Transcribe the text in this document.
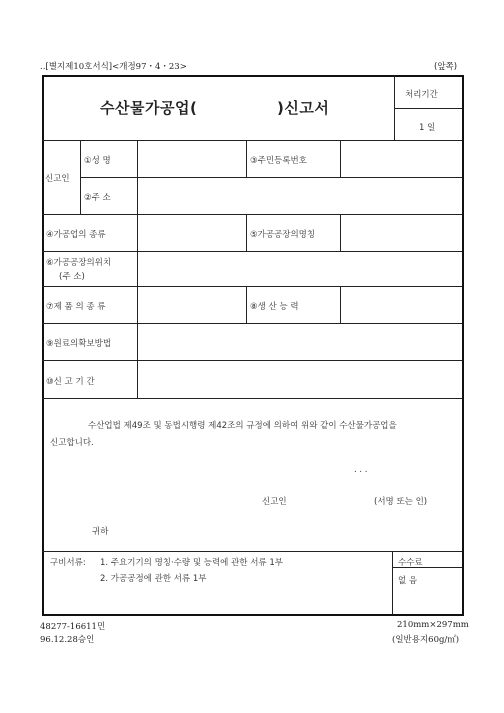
..[별지제10호서식]<개정97・4・23>	(앞쪽)
수산물가공업(	)신고서
처리기간
1 일
신고인
①성 명	③주민등록번호
②주 소
④가공업의 종류	⑤가공공장의명칭
⑥가공공장의위치
(주 소)
⑦제 품 의 종 류	⑧생 산 능 력
⑨원료의확보방법
⑩신 고 기 간
수산업법 제49조 및 동법시행령 제42조의 규정에 의하여 위와 같이 수산물가공업을
신고합니다.
. . .
신고인	(서명 또는 인)
귀하
구비서류: 1. 주요기기의 명칭·수량 및 능력에 관한 서류 1부
2. 가공공정에 관한 서류 1부
수수료
없 음
48277-16611민
96.12.28승인
210mm×297mm
(일반용지60g/㎡)
